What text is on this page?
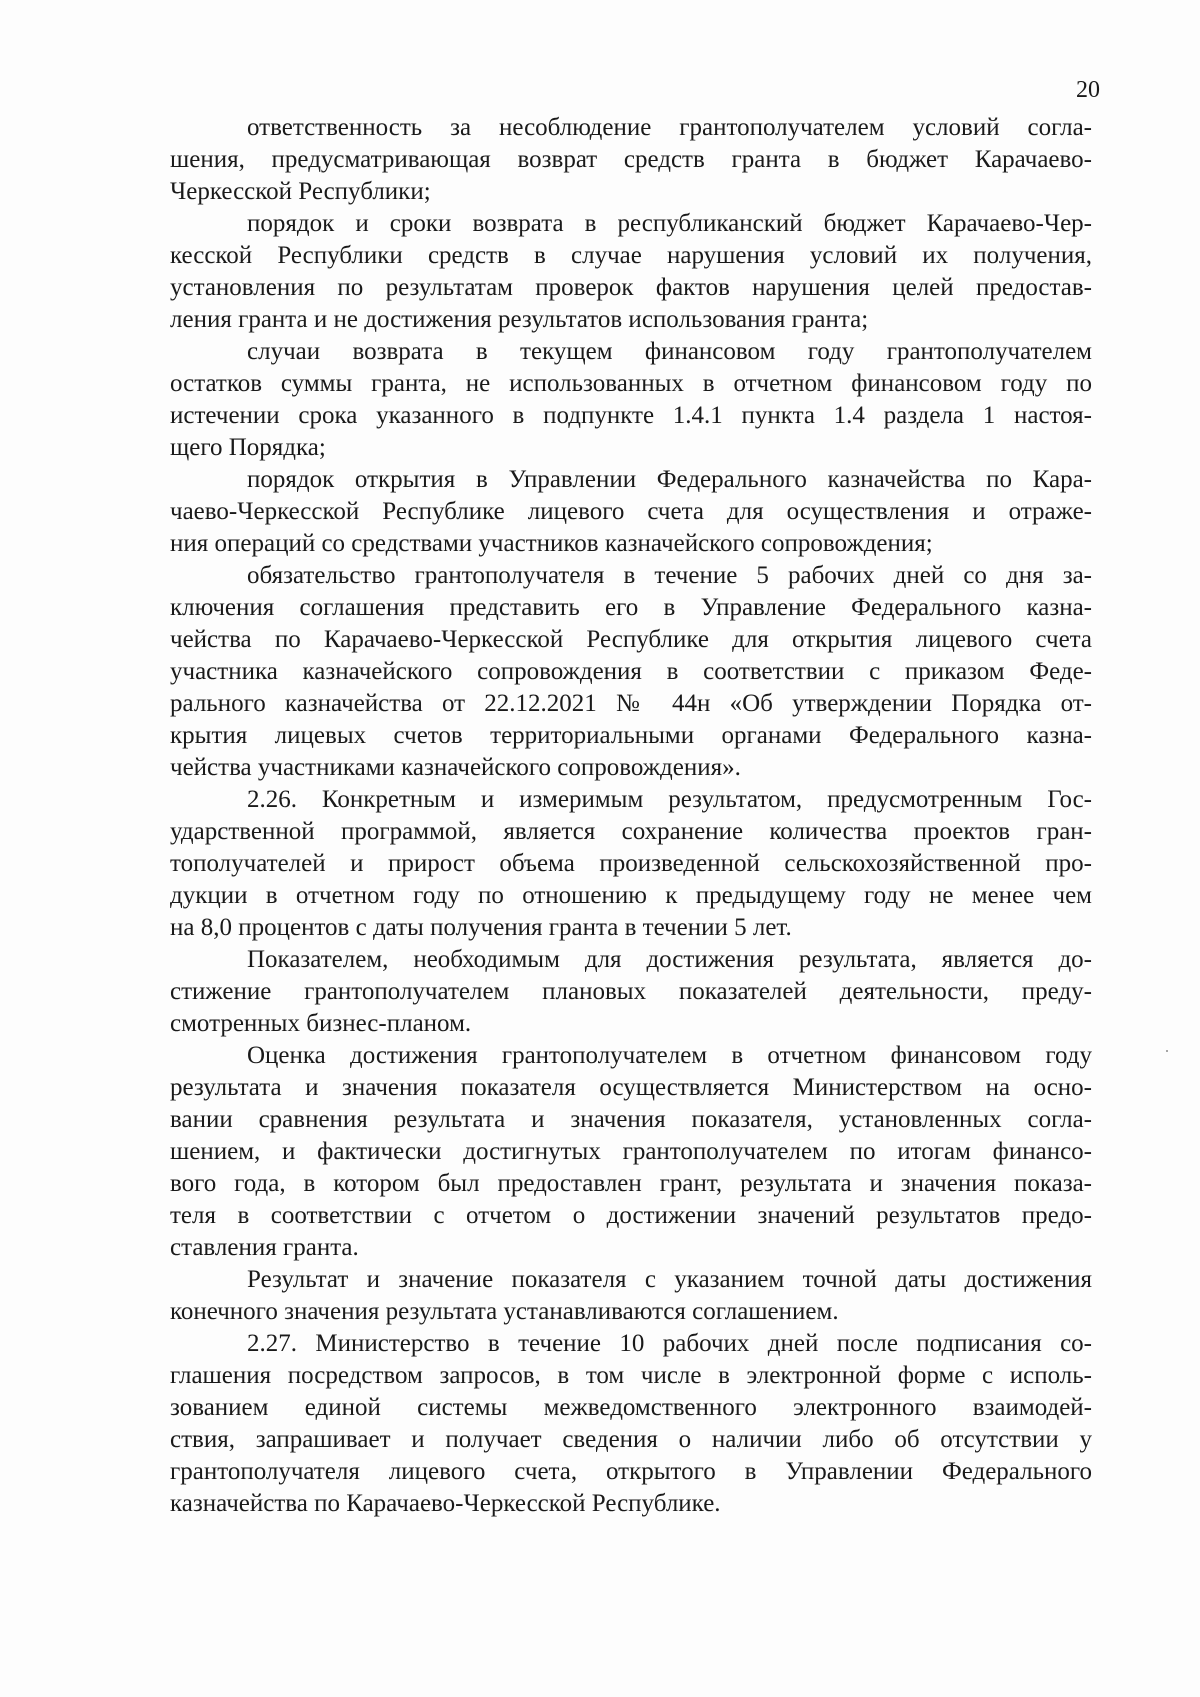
20
ответственность за несоблюдение грантополучателем условий согла-
шения, предусматривающая возврат средств гранта в бюджет Карачаево-
Черкесской Республики;
порядок и сроки возврата в республиканский бюджет Карачаево-Чер-
кесской Республики средств в случае нарушения условий их получения,
установления по результатам проверок фактов нарушения целей предостав-
ления гранта и не достижения результатов использования гранта;
случаи возврата в текущем финансовом году грантополучателем
остатков суммы гранта, не использованных в отчетном финансовом году по
истечении срока указанного в подпункте 1.4.1 пункта 1.4 раздела 1 настоя-
щего Порядка;
порядок открытия в Управлении Федерального казначейства по Кара-
чаево-Черкесской Республике лицевого счета для осуществления и отраже-
ния операций со средствами участников казначейского сопровождения;
обязательство грантополучателя в течение 5 рабочих дней со дня за-
ключения соглашения представить его в Управление Федерального казна-
чейства по Карачаево-Черкесской Республике для открытия лицевого счета
участника казначейского сопровождения в соответствии с приказом Феде-
рального казначейства от 22.12.2021 № 44н «Об утверждении Порядка от-
крытия лицевых счетов территориальными органами Федерального казна-
чейства участниками казначейского сопровождения».
2.26. Конкретным и измеримым результатом, предусмотренным Гос-
ударственной программой, является сохранение количества проектов гран-
тополучателей и прирост объема произведенной сельскохозяйственной про-
дукции в отчетном году по отношению к предыдущему году не менее чем
на 8,0 процентов с даты получения гранта в течении 5 лет.
Показателем, необходимым для достижения результата, является до-
стижение грантополучателем плановых показателей деятельности, преду-
смотренных бизнес-планом.
Оценка достижения грантополучателем в отчетном финансовом году
результата и значения показателя осуществляется Министерством на осно-
вании сравнения результата и значения показателя, установленных согла-
шением, и фактически достигнутых грантополучателем по итогам финансо-
вого года, в котором был предоставлен грант, результата и значения показа-
теля в соответствии с отчетом о достижении значений результатов предо-
ставления гранта.
Результат и значение показателя с указанием точной даты достижения
конечного значения результата устанавливаются соглашением.
2.27. Министерство в течение 10 рабочих дней после подписания со-
глашения посредством запросов, в том числе в электронной форме с исполь-
зованием единой системы межведомственного электронного взаимодей-
ствия, запрашивает и получает сведения о наличии либо об отсутствии у
грантополучателя лицевого счета, открытого в Управлении Федерального
казначейства по Карачаево-Черкесской Республике.
